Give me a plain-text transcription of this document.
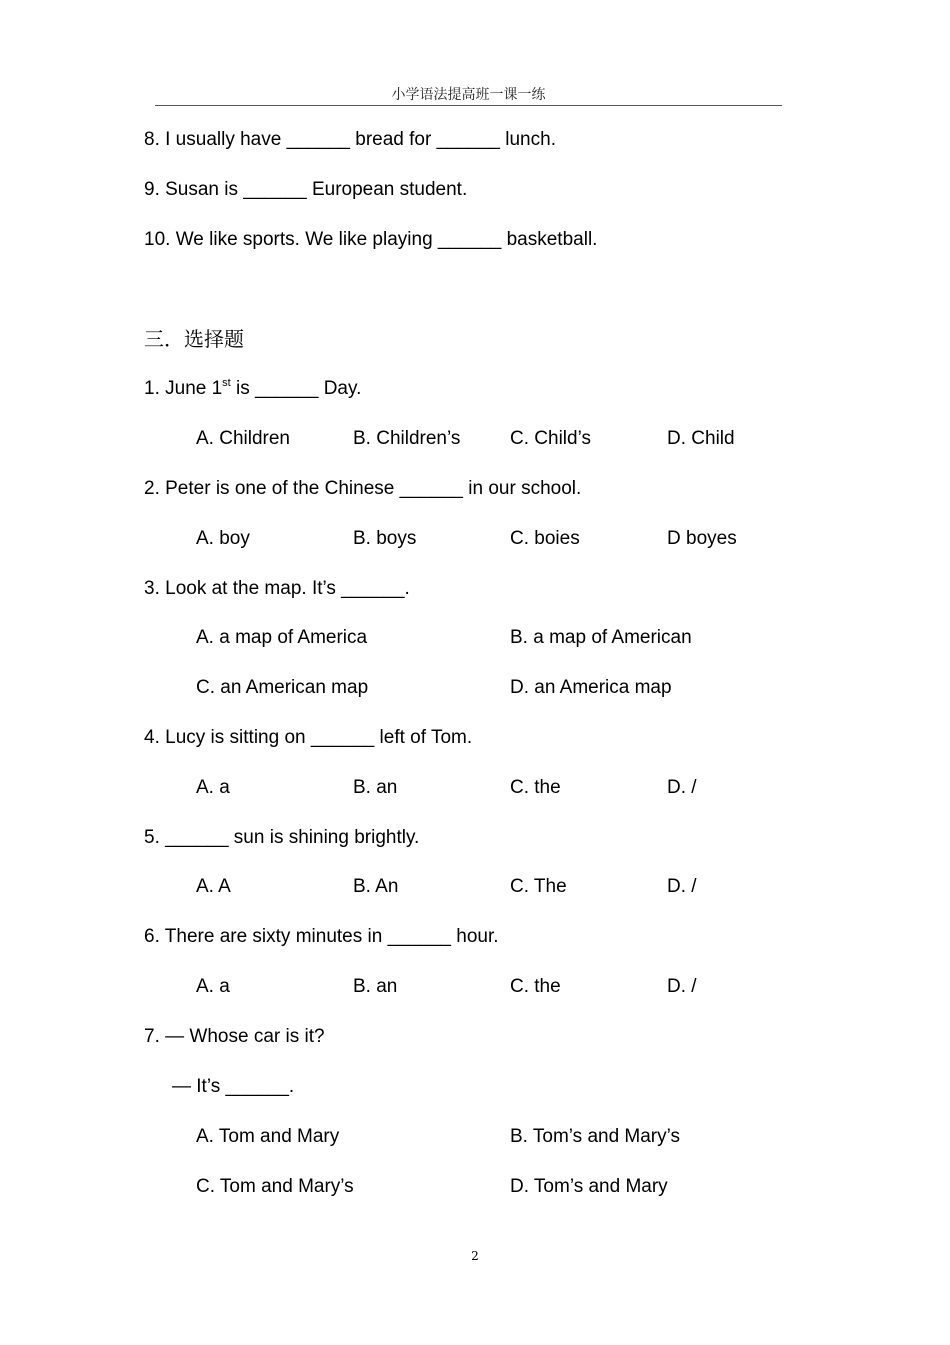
小学语法提高班一课一练
8. I usually have ______ bread for ______ lunch.
9. Susan is ______ European student.
10. We like sports. We like playing ______ basketball.
三．选择题
1. June 1st is ______ Day.
A. Children	B. Children’s	C. Child’s	D. Child
2. Peter is one of the Chinese ______ in our school.
A. boy	B. boys	C. boies	D boyes
3. Look at the map. It’s ______.
A. a map of America	B. a map of American
C. an American map	D. an America map
4. Lucy is sitting on ______ left of Tom.
A. a	B. an	C. the	D. /
5. ______ sun is shining brightly.
A. A	B. An	C. The	D. /
6. There are sixty minutes in ______ hour.
A. a	B. an	C. the	D. /
7. — Whose car is it?
— It’s ______.
A. Tom and Mary	B. Tom’s and Mary’s
C. Tom and Mary’s	D. Tom’s and Mary
2
